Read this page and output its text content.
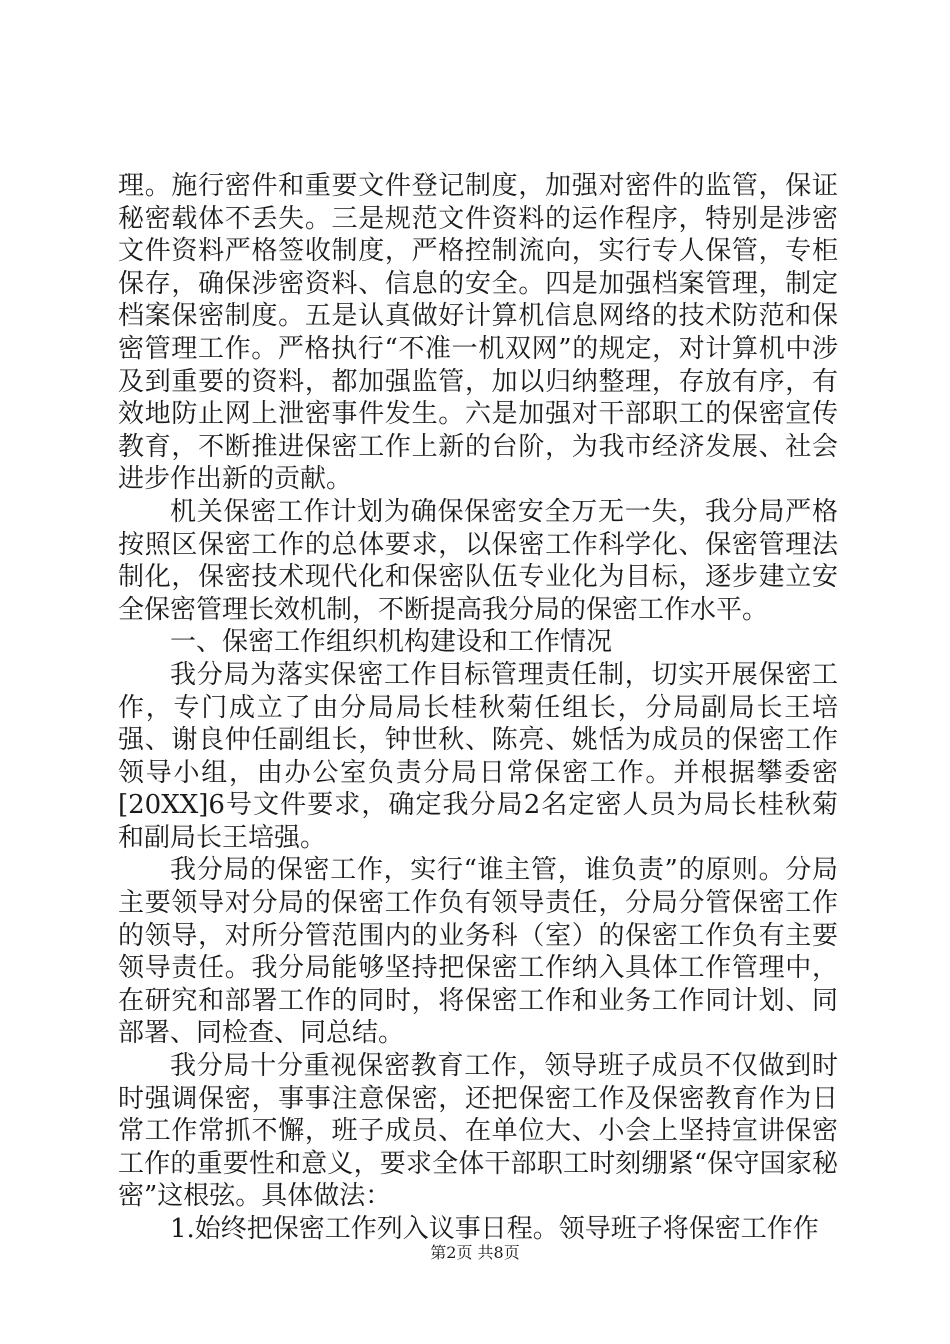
理。施行密件和重要文件登记制度，加强对密件的监管，保证秘密载体不丢失。三是规范文件资料的运作程序，特别是涉密文件资料严格签收制度，严格控制流向，实行专人保管，专柜保存，确保涉密资料、信息的安全。四是加强档案管理，制定档案保密制度。五是认真做好计算机信息网络的技术防范和保密管理工作。严格执行“不准一机双网”的规定，对计算机中涉及到重要的资料，都加强监管，加以归纳整理，存放有序，有效地防止网上泄密事件发生。六是加强对干部职工的保密宣传教育，不断推进保密工作上新的台阶，为我市经济发展、社会进步作出新的贡献。

机关保密工作计划为确保保密安全万无一失，我分局严格按照区保密工作的总体要求，以保密工作科学化、保密管理法制化，保密技术现代化和保密队伍专业化为目标，逐步建立安全保密管理长效机制，不断提高我分局的保密工作水平。

一、保密工作组织机构建设和工作情况

我分局为落实保密工作目标管理责任制，切实开展保密工作，专门成立了由分局局长桂秋菊任组长，分局副局长王培强、谢良仲任副组长，钟世秋、陈亮、姚恬为成员的保密工作领导小组，由办公室负责分局日常保密工作。并根据攀委密[20XX]6号文件要求，确定我分局2名定密人员为局长桂秋菊和副局长王培强。

我分局的保密工作，实行“谁主管，谁负责”的原则。分局主要领导对分局的保密工作负有领导责任，分局分管保密工作的领导，对所分管范围内的业务科（室）的保密工作负有主要领导责任。我分局能够坚持把保密工作纳入具体工作管理中，在研究和部署工作的同时，将保密工作和业务工作同计划、同部署、同检查、同总结。

我分局十分重视保密教育工作，领导班子成员不仅做到时时强调保密，事事注意保密，还把保密工作及保密教育作为日常工作常抓不懈，班子成员、在单位大、小会上坚持宣讲保密工作的重要性和意义，要求全体干部职工时刻绷紧“保守国家秘密”这根弦。具体做法：

1.始终把保密工作列入议事日程。领导班子将保密工作作

第2页 共8页
